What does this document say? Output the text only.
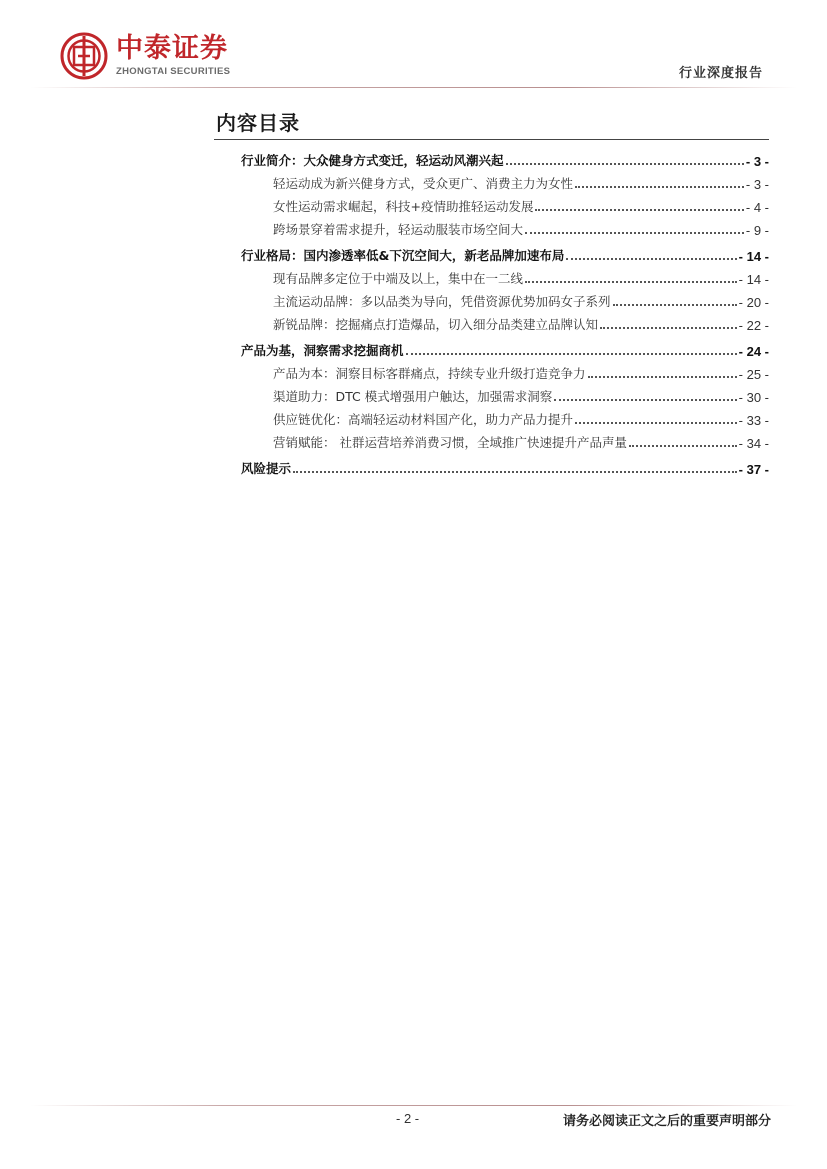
中泰证券
ZHONGTAI SECURITIES	行业深度报告
内容目录
行业简介：大众健身方式变迁，轻运动风潮兴起	- 3 -
轻运动成为新兴健身方式，受众更广、消费主力为女性	- 3 -
女性运动需求崛起，科技+疫情助推轻运动发展	- 4 -
跨场景穿着需求提升，轻运动服装市场空间大	- 9 -
行业格局：国内渗透率低&下沉空间大，新老品牌加速布局	- 14 -
现有品牌多定位于中端及以上，集中在一二线	- 14 -
主流运动品牌：多以品类为导向，凭借资源优势加码女子系列	- 20 -
新锐品牌：挖掘痛点打造爆品，切入细分品类建立品牌认知	- 22 -
产品为基，洞察需求挖掘商机	- 24 -
产品为本：洞察目标客群痛点，持续专业升级打造竞争力	- 25 -
渠道助力：DTC 模式增强用户触达，加强需求洞察	- 30 -
供应链优化：高端轻运动材料国产化，助力产品力提升	- 33 -
营销赋能： 社群运营培养消费习惯，全域推广快速提升产品声量	- 34 -
风险提示	- 37 -
- 2 -	请务必阅读正文之后的重要声明部分
